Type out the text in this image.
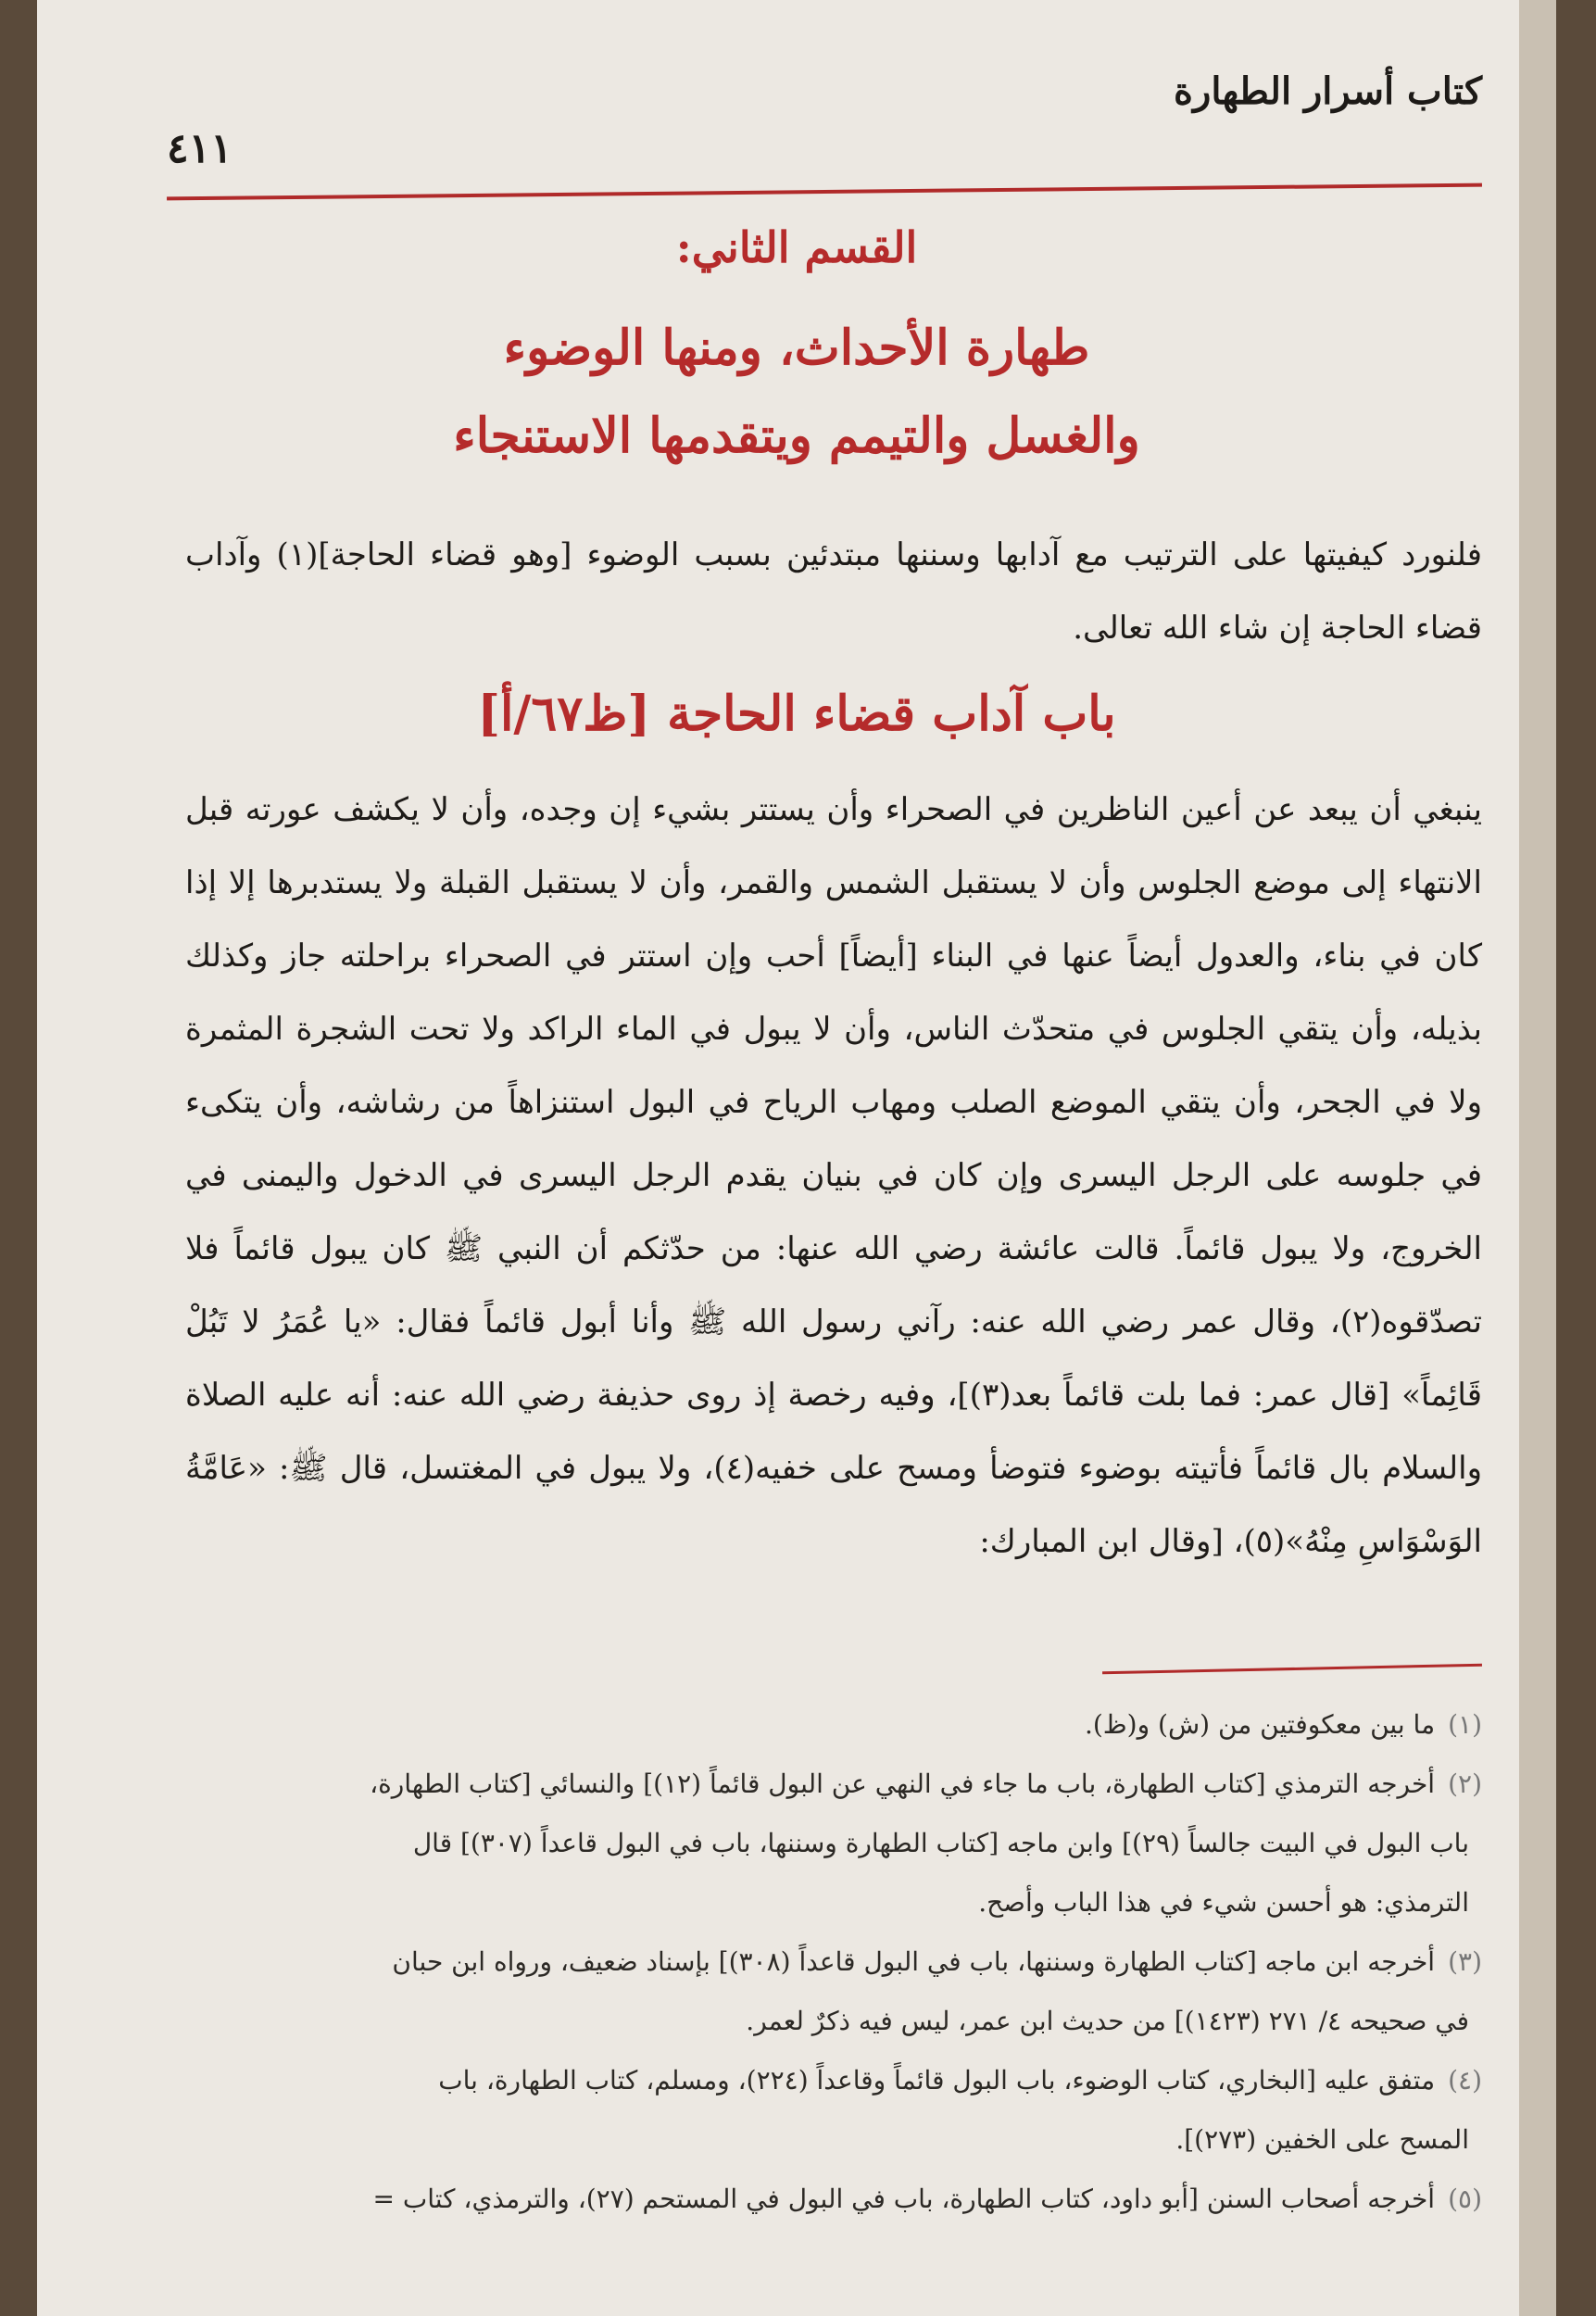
كتاب أسرار الطهارة
٤١١
القسم الثاني:
طهارة الأحداث، ومنها الوضوء
والغسل والتيمم ويتقدمها الاستنجاء
فلنورد كيفيتها على الترتيب مع آدابها وسننها مبتدئين بسبب الوضوء [وهو قضاء الحاجة](١) وآداب قضاء الحاجة إن شاء الله تعالى.
باب آداب قضاء الحاجة [ظ٦٧/أ]
ينبغي أن يبعد عن أعين الناظرين في الصحراء وأن يستتر بشيء إن وجده، وأن لا يكشف عورته قبل الانتهاء إلى موضع الجلوس وأن لا يستقبل الشمس والقمر، وأن لا يستقبل القبلة ولا يستدبرها إلا إذا كان في بناء، والعدول أيضاً عنها في البناء [أيضاً] أحب وإن استتر في الصحراء براحلته جاز وكذلك بذيله، وأن يتقي الجلوس في متحدّث الناس، وأن لا يبول في الماء الراكد ولا تحت الشجرة المثمرة ولا في الجحر، وأن يتقي الموضع الصلب ومهاب الرياح في البول استنزاهاً من رشاشه، وأن يتكىء في جلوسه على الرجل اليسرى وإن كان في بنيان يقدم الرجل اليسرى في الدخول واليمنى في الخروج، ولا يبول قائماً. قالت عائشة رضي الله عنها: من حدّثكم أن النبي ﷺ كان يبول قائماً فلا تصدّقوه(٢)، وقال عمر رضي الله عنه: رآني رسول الله ﷺ وأنا أبول قائماً فقال: «يا عُمَرُ لا تَبُلْ قَائِماً» [قال عمر: فما بلت قائماً بعد(٣)]، وفيه رخصة إذ روى حذيفة رضي الله عنه: أنه عليه الصلاة والسلام بال قائماً فأتيته بوضوء فتوضأ ومسح على خفيه(٤)، ولا يبول في المغتسل، قال ﷺ: «عَامَّةُ الوَسْوَاسِ مِنْهُ»(٥)، [وقال ابن المبارك:
(١)ما بين معكوفتين من (ش) و(ظ).
(٢)أخرجه الترمذي [كتاب الطهارة، باب ما جاء في النهي عن البول قائماً (١٢)] والنسائي [كتاب الطهارة،
باب البول في البيت جالساً (٢٩)] وابن ماجه [كتاب الطهارة وسننها، باب في البول قاعداً (٣٠٧)] قال
الترمذي: هو أحسن شيء في هذا الباب وأصح.
(٣)أخرجه ابن ماجه [كتاب الطهارة وسننها، باب في البول قاعداً (٣٠٨)] بإسناد ضعيف، ورواه ابن حبان
في صحيحه ٤/ ٢٧١ (١٤٢٣)] من حديث ابن عمر، ليس فيه ذكرٌ لعمر.
(٤)متفق عليه [البخاري، كتاب الوضوء، باب البول قائماً وقاعداً (٢٢٤)، ومسلم، كتاب الطهارة، باب
المسح على الخفين (٢٧٣)].
(٥)أخرجه أصحاب السنن [أبو داود، كتاب الطهارة، باب في البول في المستحم (٢٧)، والترمذي، كتاب =
